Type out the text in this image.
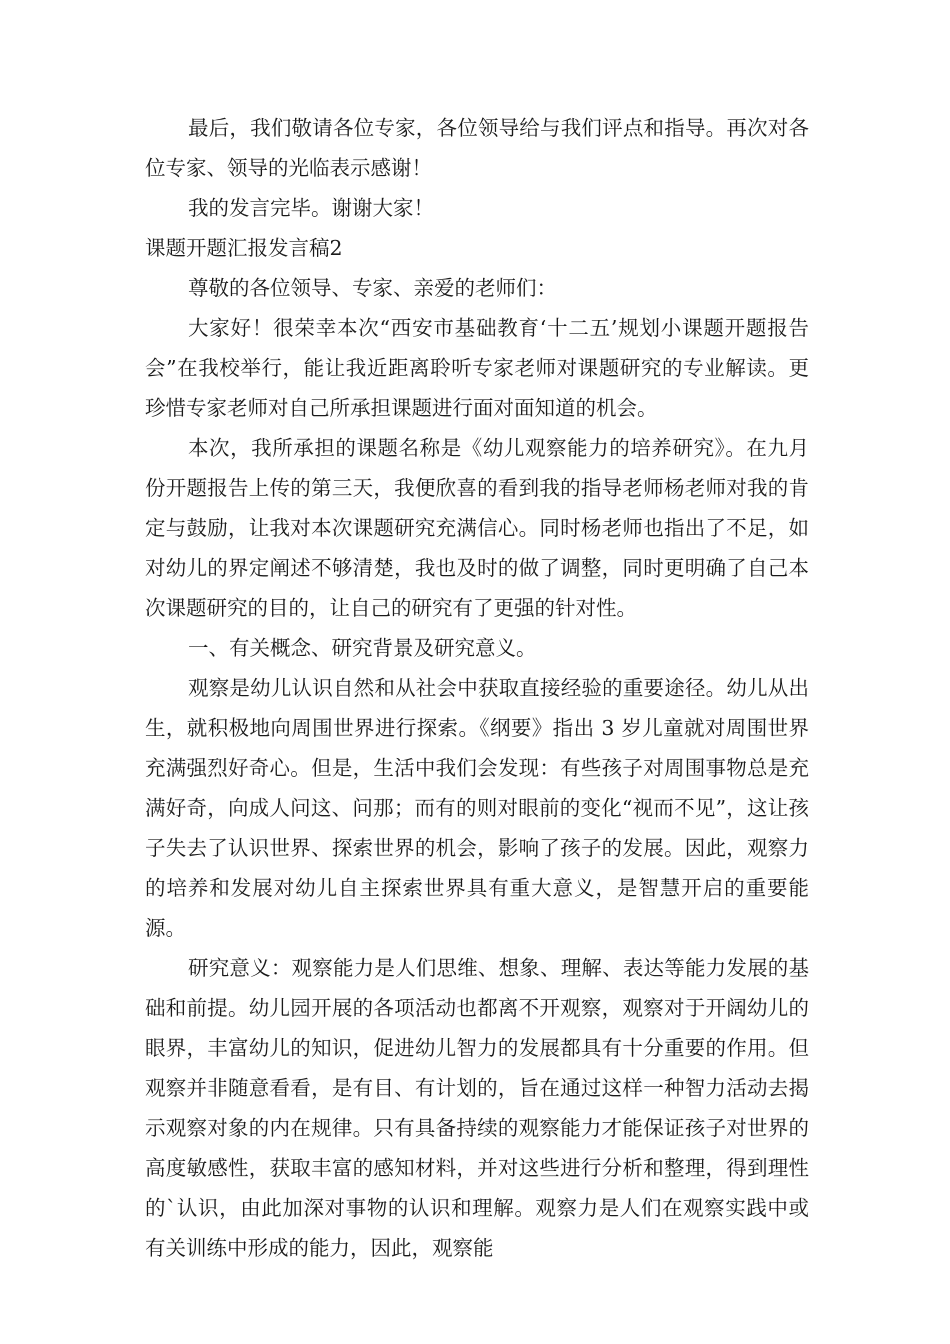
最后，我们敬请各位专家，各位领导给与我们评点和指导。再次对各位专家、领导的光临表示感谢！

我的发言完毕。谢谢大家！

课题开题汇报发言稿2

尊敬的各位领导、专家、亲爱的老师们：

大家好！很荣幸本次“西安市基础教育‘十二五’规划小课题开题报告会”在我校举行，能让我近距离聆听专家老师对课题研究的专业解读。更珍惜专家老师对自己所承担课题进行面对面知道的机会。

本次，我所承担的课题名称是《幼儿观察能力的培养研究》。在九月份开题报告上传的第三天，我便欣喜的看到我的指导老师杨老师对我的肯定与鼓励，让我对本次课题研究充满信心。同时杨老师也指出了不足，如对幼儿的界定阐述不够清楚，我也及时的做了调整，同时更明确了自己本次课题研究的目的，让自己的研究有了更强的针对性。

一、有关概念、研究背景及研究意义。

观察是幼儿认识自然和从社会中获取直接经验的重要途径。幼儿从出生，就积极地向周围世界进行探索。《纲要》指出 3 岁儿童就对周围世界充满强烈好奇心。但是，生活中我们会发现：有些孩子对周围事物总是充满好奇，向成人问这、问那；而有的则对眼前的变化“视而不见”，这让孩子失去了认识世界、探索世界的机会，影响了孩子的发展。因此，观察力的培养和发展对幼儿自主探索世界具有重大意义，是智慧开启的重要能源。

研究意义：观察能力是人们思维、想象、理解、表达等能力发展的基础和前提。幼儿园开展的各项活动也都离不开观察，观察对于开阔幼儿的眼界，丰富幼儿的知识，促进幼儿智力的发展都具有十分重要的作用。但观察并非随意看看，是有目、有计划的，旨在通过这样一种智力活动去揭示观察对象的内在规律。只有具备持续的观察能力才能保证孩子对世界的高度敏感性，获取丰富的感知材料，并对这些进行分析和整理，得到理性的`认识，由此加深对事物的认识和理解。观察力是人们在观察实践中或有关训练中形成的能力，因此，观察能
